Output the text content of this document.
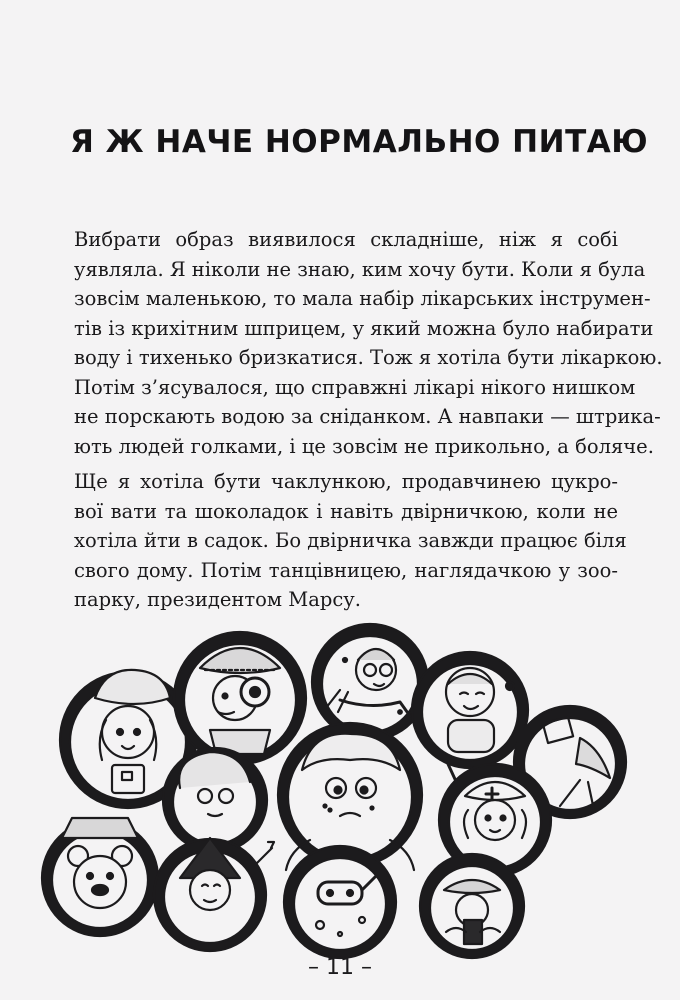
Я Ж НАЧЕ НОРМАЛЬНО ПИТАЮ

Вибрати образ виявилося складніше, ніж я собі
уявляла. Я ніколи не знаю, ким хочу бути. Коли я була
зовсім маленькою, то мала набір лікарських інструмен-
тів із крихітним шприцем, у який можна було набирати
воду і тихенько бризкатися. Тож я хотіла бути лікаркою.
Потім з’ясувалося, що справжні лікарі нікого нишком
не порскають водою за сніданком. А навпаки — штрика-
ють людей голками, і це зовсім не прикольно, а боляче.

Ще я хотіла бути чаклункою, продавчинею цукро-
вої вати та шоколадок і навіть двірничкою, коли не
хотіла йти в садок. Бо двірничка завжди працює біля
свого дому. Потім танцівницею, наглядачкою у зоо-
парку, президентом Марсу.

– 11 –
